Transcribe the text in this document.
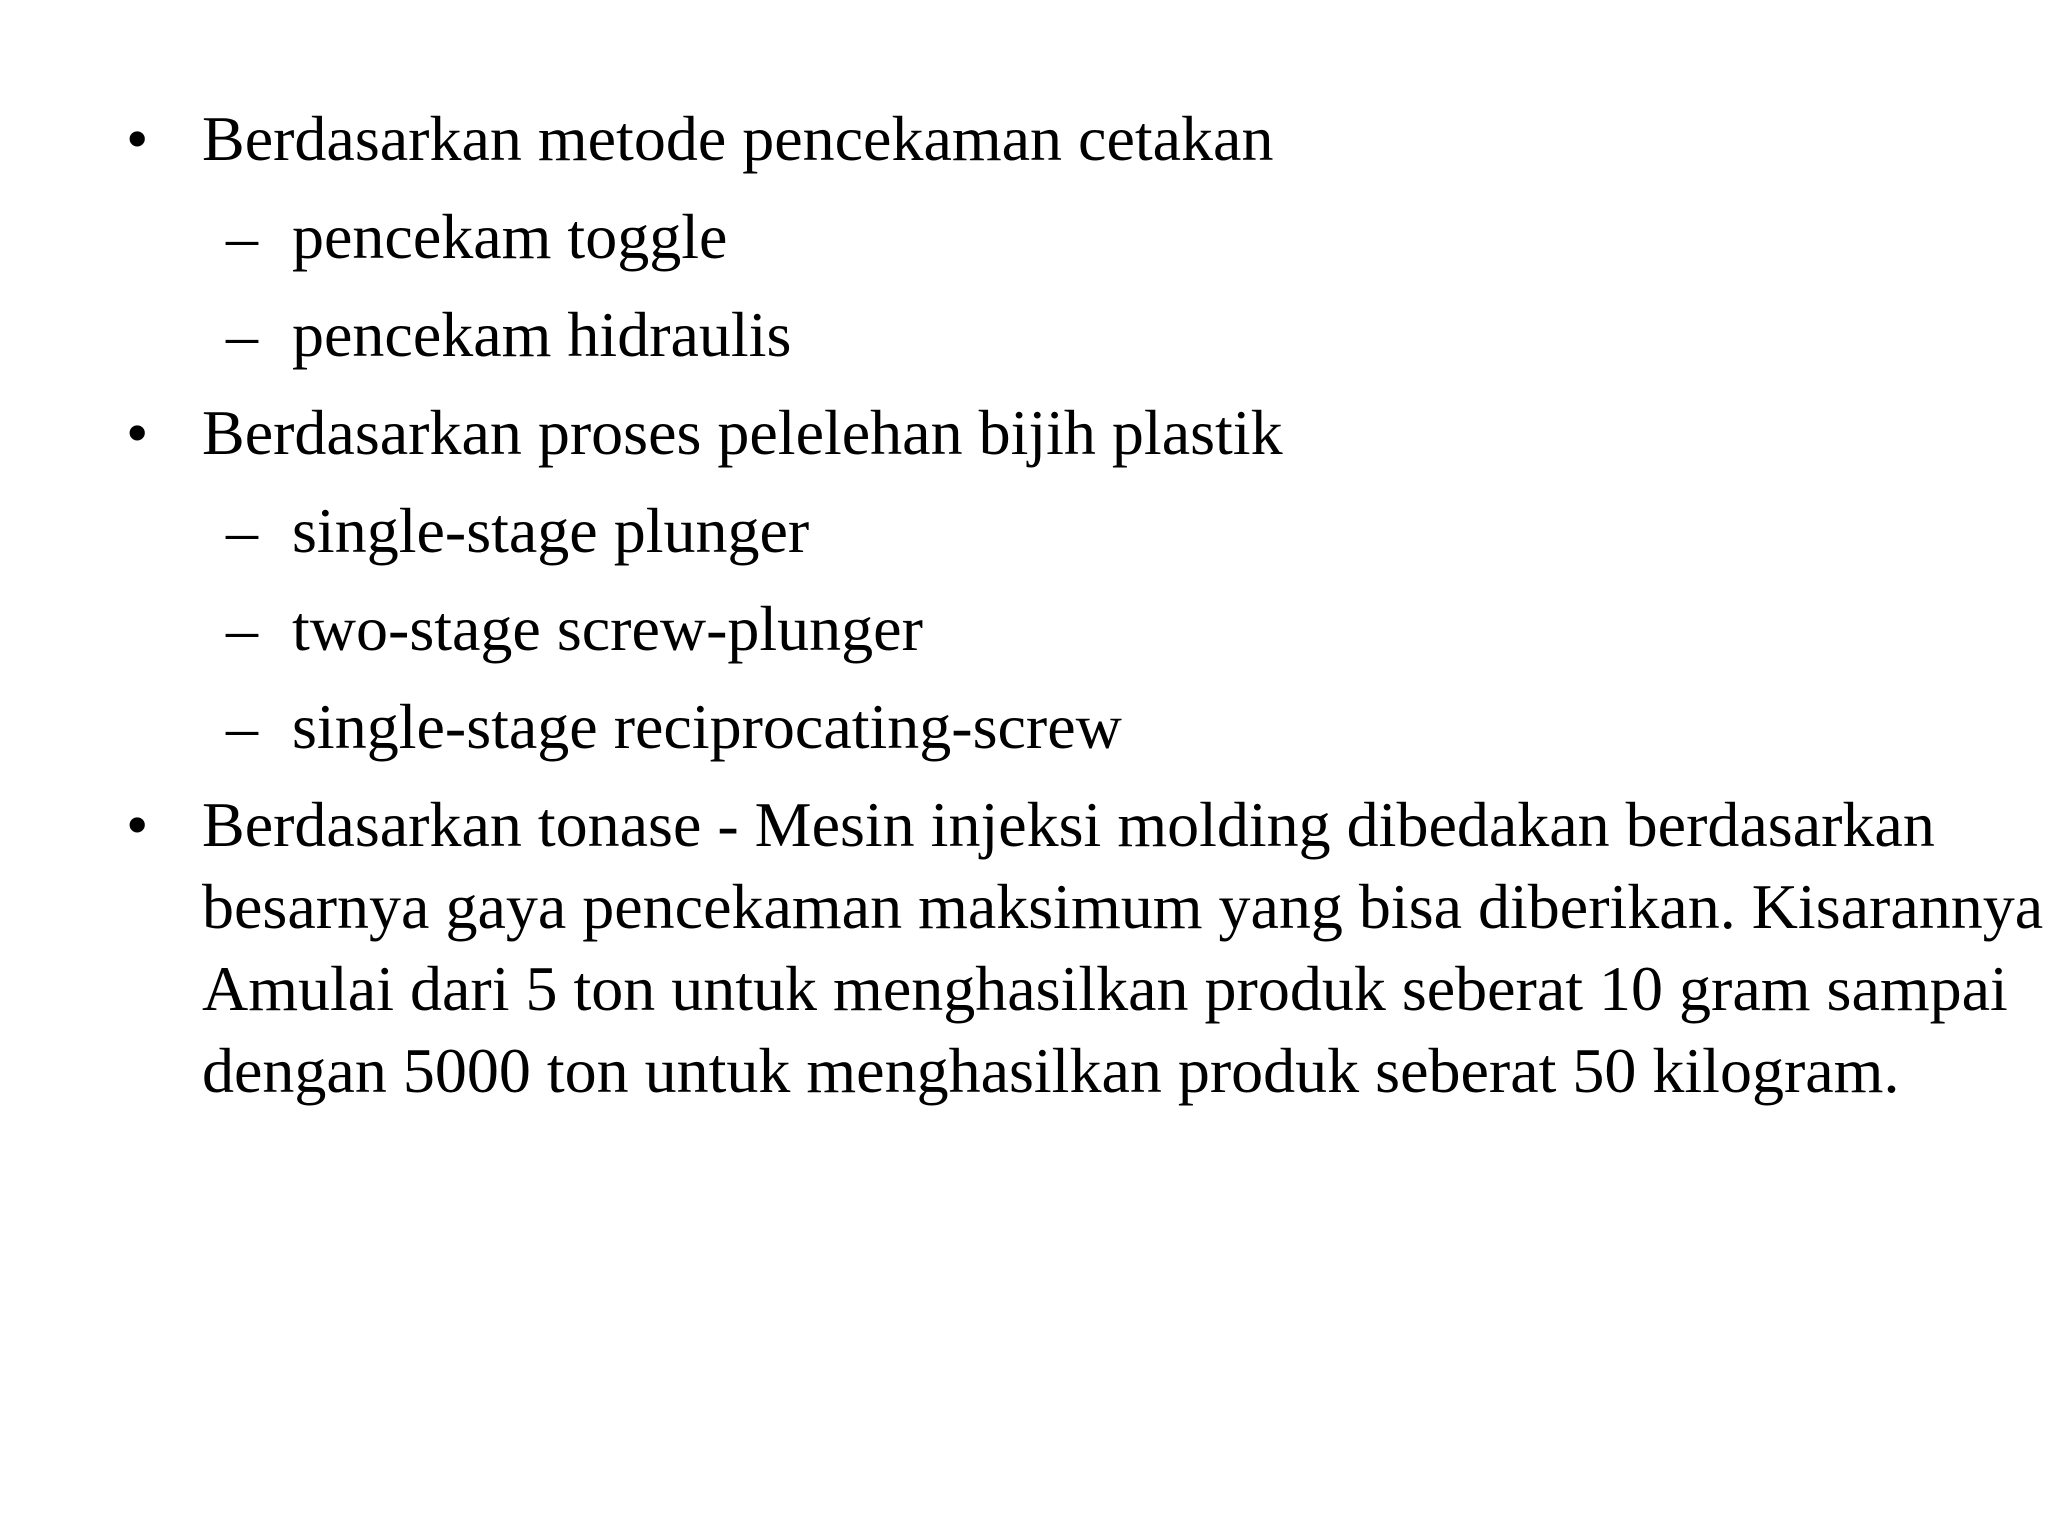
• Berdasarkan metode pencekaman cetakan
– pencekam toggle
– pencekam hidraulis
• Berdasarkan proses pelelehan bijih plastik
– single-stage plunger
– two-stage screw-plunger
– single-stage reciprocating-screw
• Berdasarkan tonase - Mesin injeksi molding dibedakan berdasarkan besarnya gaya pencekaman maksimum yang bisa diberikan. Kisarannya Amulai dari 5 ton untuk menghasilkan produk seberat 10 gram sampai dengan 5000 ton untuk menghasilkan produk seberat 50 kilogram.
